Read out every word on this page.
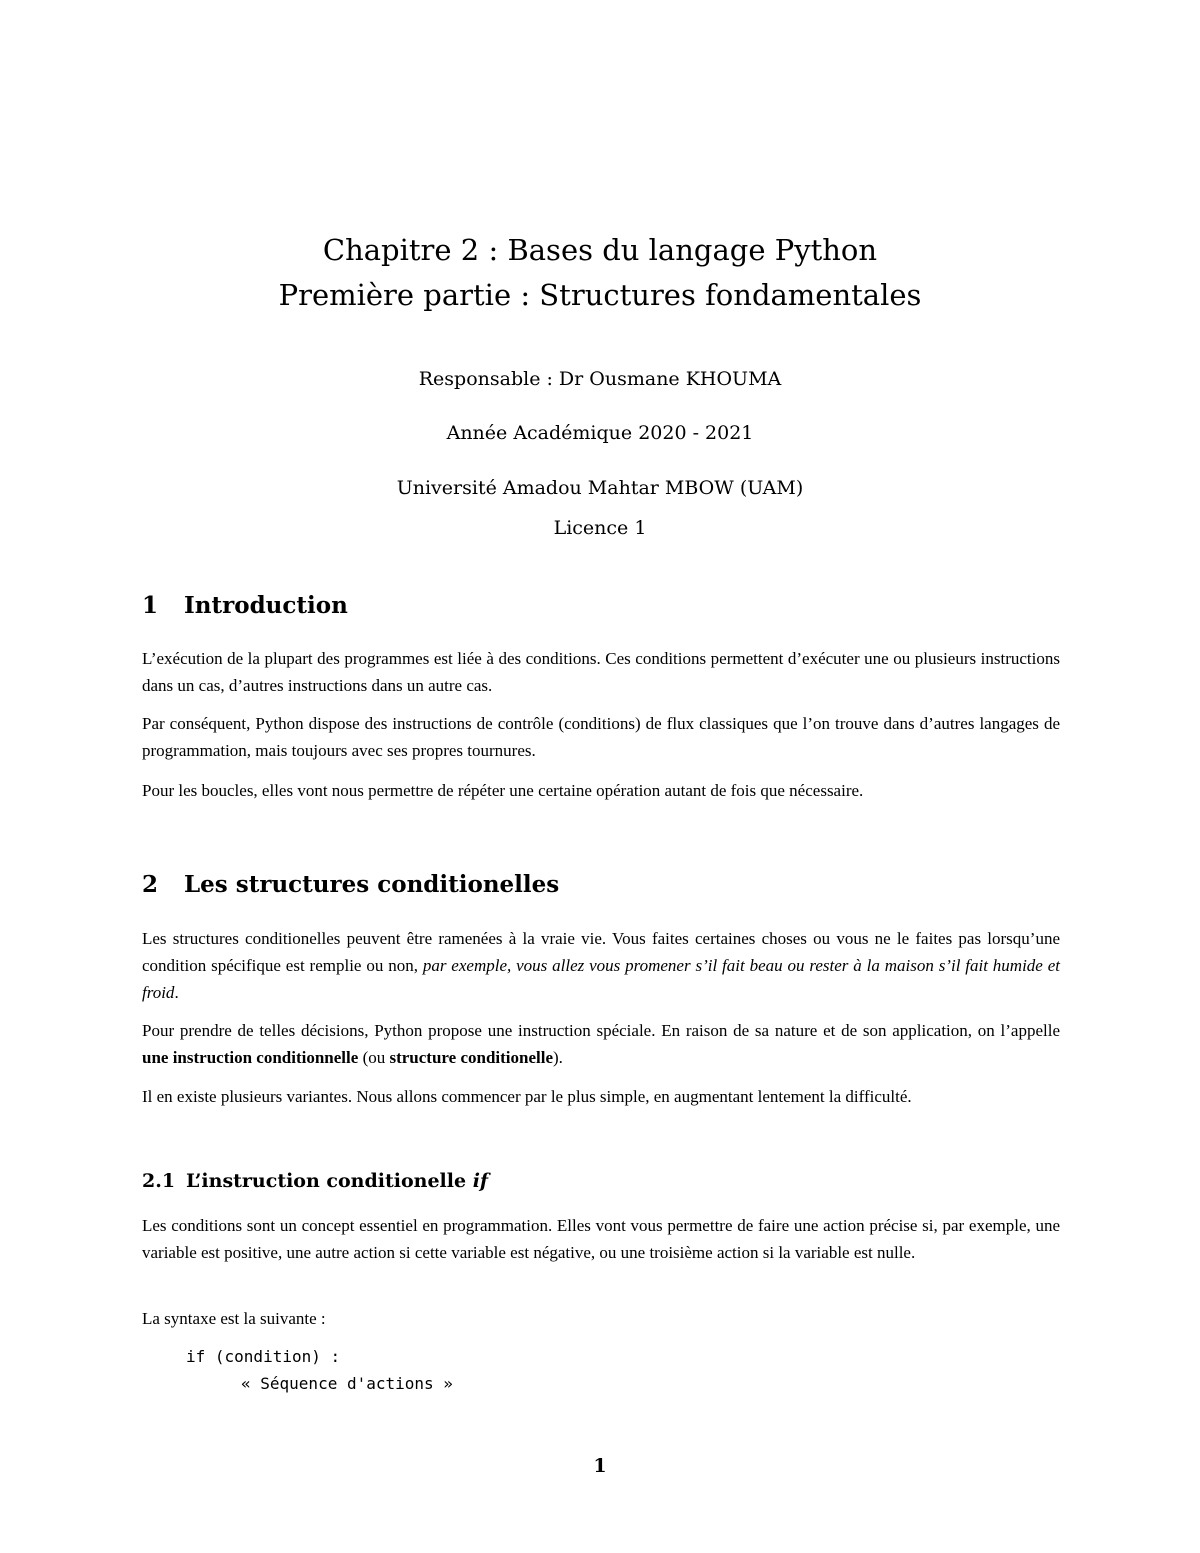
Chapitre 2 : Bases du langage Python
Première partie : Structures fondamentales
Responsable : Dr Ousmane KHOUMA
Année Académique 2020 - 2021
Université Amadou Mahtar MBOW (UAM)
Licence 1
1 Introduction

L’exécution de la plupart des programmes est liée à des conditions. Ces conditions permettent d’exécuter une ou plusieurs instructions dans un cas, d’autres instructions dans un autre cas.

Par conséquent, Python dispose des instructions de contrôle (conditions) de flux classiques que l’on trouve dans d’autres langages de programmation, mais toujours avec ses propres tournures.

Pour les boucles, elles vont nous permettre de répéter une certaine opération autant de fois que nécessaire.

2 Les structures conditionelles

Les structures conditionelles peuvent être ramenées à la vraie vie. Vous faites certaines choses ou vous ne le faites pas lorsqu’une condition spécifique est remplie ou non, par exemple, vous allez vous promener s’il fait beau ou rester à la maison s’il fait humide et froid.

Pour prendre de telles décisions, Python propose une instruction spéciale. En raison de sa nature et de son application, on l’appelle une instruction conditionnelle (ou structure conditionelle).

Il en existe plusieurs variantes. Nous allons commencer par le plus simple, en augmentant lentement la difficulté.

2.1 L’instruction conditionelle if

Les conditions sont un concept essentiel en programmation. Elles vont vous permettre de faire une action précise si, par exemple, une variable est positive, une autre action si cette variable est négative, ou une troisième action si la variable est nulle.

La syntaxe est la suivante :

if (condition) :
« Séquence d'actions »
1
